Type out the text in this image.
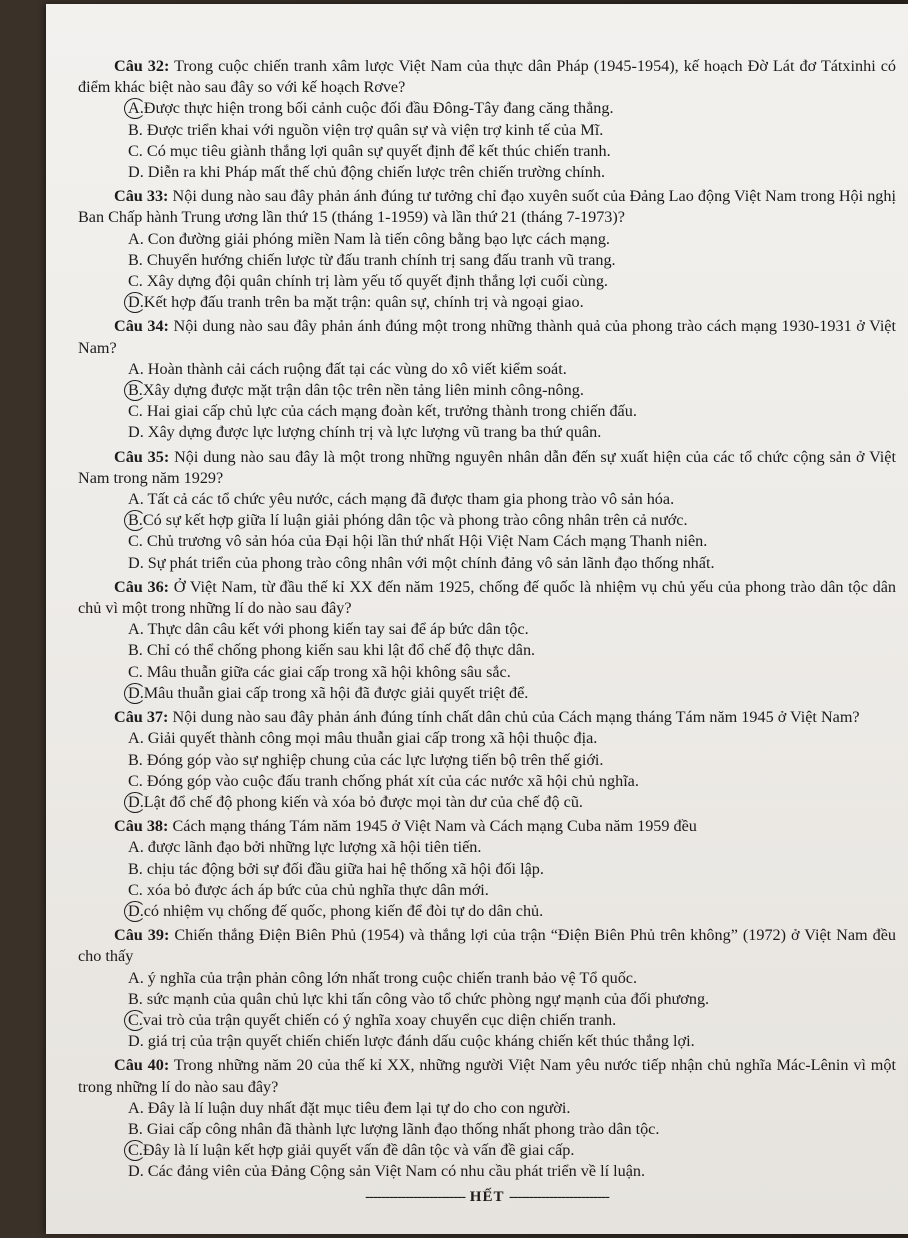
Câu 32: Trong cuộc chiến tranh xâm lược Việt Nam của thực dân Pháp (1945-1954), kế hoạch Đờ Lát đơ Tátxinhi có điểm khác biệt nào sau đây so với kế hoạch Rơve?

A.Được thực hiện trong bối cảnh cuộc đối đầu Đông-Tây đang căng thẳng.
B. Được triển khai với nguồn viện trợ quân sự và viện trợ kinh tế của Mĩ.
C. Có mục tiêu giành thắng lợi quân sự quyết định để kết thúc chiến tranh.
D. Diễn ra khi Pháp mất thế chủ động chiến lược trên chiến trường chính.

Câu 33: Nội dung nào sau đây phản ánh đúng tư tưởng chỉ đạo xuyên suốt của Đảng Lao động Việt Nam trong Hội nghị Ban Chấp hành Trung ương lần thứ 15 (tháng 1-1959) và lần thứ 21 (tháng 7-1973)?

A. Con đường giải phóng miền Nam là tiến công bằng bạo lực cách mạng.
B. Chuyển hướng chiến lược từ đấu tranh chính trị sang đấu tranh vũ trang.
C. Xây dựng đội quân chính trị làm yếu tố quyết định thắng lợi cuối cùng.
D.Kết hợp đấu tranh trên ba mặt trận: quân sự, chính trị và ngoại giao.

Câu 34: Nội dung nào sau đây phản ánh đúng một trong những thành quả của phong trào cách mạng 1930-1931 ở Việt Nam?

A. Hoàn thành cải cách ruộng đất tại các vùng do xô viết kiểm soát.
B.Xây dựng được mặt trận dân tộc trên nền tảng liên minh công-nông.
C. Hai giai cấp chủ lực của cách mạng đoàn kết, trưởng thành trong chiến đấu.
D. Xây dựng được lực lượng chính trị và lực lượng vũ trang ba thứ quân.

Câu 35: Nội dung nào sau đây là một trong những nguyên nhân dẫn đến sự xuất hiện của các tổ chức cộng sản ở Việt Nam trong năm 1929?

A. Tất cả các tổ chức yêu nước, cách mạng đã được tham gia phong trào vô sản hóa.
B.Có sự kết hợp giữa lí luận giải phóng dân tộc và phong trào công nhân trên cả nước.
C. Chủ trương vô sản hóa của Đại hội lần thứ nhất Hội Việt Nam Cách mạng Thanh niên.
D. Sự phát triển của phong trào công nhân với một chính đảng vô sản lãnh đạo thống nhất.

Câu 36: Ở Việt Nam, từ đầu thế kỉ XX đến năm 1925, chống đế quốc là nhiệm vụ chủ yếu của phong trào dân tộc dân chủ vì một trong những lí do nào sau đây?

A. Thực dân câu kết với phong kiến tay sai để áp bức dân tộc.
B. Chỉ có thể chống phong kiến sau khi lật đổ chế độ thực dân.
C. Mâu thuẫn giữa các giai cấp trong xã hội không sâu sắc.
D.Mâu thuẫn giai cấp trong xã hội đã được giải quyết triệt để.

Câu 37: Nội dung nào sau đây phản ánh đúng tính chất dân chủ của Cách mạng tháng Tám năm 1945 ở Việt Nam?

A. Giải quyết thành công mọi mâu thuẫn giai cấp trong xã hội thuộc địa.
B. Đóng góp vào sự nghiệp chung của các lực lượng tiến bộ trên thế giới.
C. Đóng góp vào cuộc đấu tranh chống phát xít của các nước xã hội chủ nghĩa.
D.Lật đổ chế độ phong kiến và xóa bỏ được mọi tàn dư của chế độ cũ.

Câu 38: Cách mạng tháng Tám năm 1945 ở Việt Nam và Cách mạng Cuba năm 1959 đều

A. được lãnh đạo bởi những lực lượng xã hội tiên tiến.
B. chịu tác động bởi sự đối đầu giữa hai hệ thống xã hội đối lập.
C. xóa bỏ được ách áp bức của chủ nghĩa thực dân mới.
D.có nhiệm vụ chống đế quốc, phong kiến để đòi tự do dân chủ.

Câu 39: Chiến thắng Điện Biên Phủ (1954) và thắng lợi của trận “Điện Biên Phủ trên không” (1972) ở Việt Nam đều cho thấy

A. ý nghĩa của trận phản công lớn nhất trong cuộc chiến tranh bảo vệ Tổ quốc.
B. sức mạnh của quân chủ lực khi tấn công vào tổ chức phòng ngự mạnh của đối phương.
C.vai trò của trận quyết chiến có ý nghĩa xoay chuyển cục diện chiến tranh.
D. giá trị của trận quyết chiến chiến lược đánh dấu cuộc kháng chiến kết thúc thắng lợi.

Câu 40: Trong những năm 20 của thế kỉ XX, những người Việt Nam yêu nước tiếp nhận chủ nghĩa Mác-Lênin vì một trong những lí do nào sau đây?

A. Đây là lí luận duy nhất đặt mục tiêu đem lại tự do cho con người.
B. Giai cấp công nhân đã thành lực lượng lãnh đạo thống nhất phong trào dân tộc.
C.Đây là lí luận kết hợp giải quyết vấn đề dân tộc và vấn đề giai cấp.
D. Các đảng viên của Đảng Cộng sản Việt Nam có nhu cầu phát triển về lí luận.
------------------------- HẾT -------------------------
